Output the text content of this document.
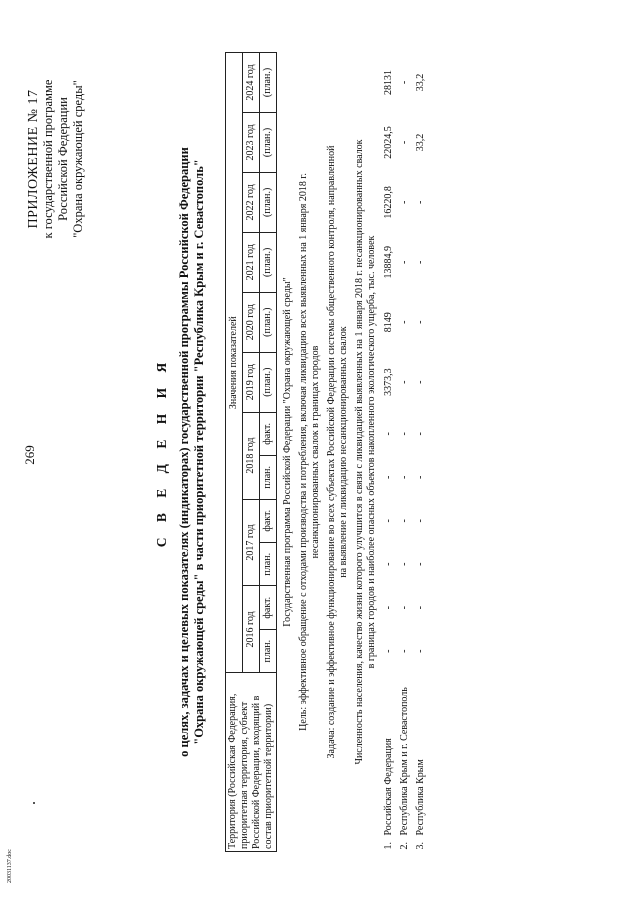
269
20031137.doc
ПРИЛОЖЕНИЕ № 17 к государственной программе Российской Федерации "Охрана окружающей среды"
С В Е Д Е Н И Я о целях, задачах и целевых показателях (индикаторах) государственной программы Российской Федерации "Охрана окружающей среды" в части приоритетной территории "Республика Крым и г. Севастополь"
Территория (Российская Федерация, приоритетная территория, субъект Российской Федерации, входящий в состав приоритетной территории)	Значения показателей											
	2016 год		2017 год		2018 год		2019 год	2020 год	2021 год	2022 год	2023 год	2024 год
	план.	факт.	план.	факт.	план.	факт.	(план.)	(план.)	(план.)	(план.)	(план.)	(план.)
Государственная программа Российской Федерации "Охрана окружающей среды"												

Цель: эффективное обращение с отходами производства и потребления, включая ликвидацию всех выявленных на 1 января 2018 г. несанкционированных свалок в границах городов												

Задача: создание и эффективное функционирование во всех субъектах Российской Федерации системы общественного контроля, направленной на выявление и ликвидацию несанкционированных свалок												

Численность населения, качество жизни которого улучшится в связи с ликвидацией выявленных на 1 января 2018 г. несанкционированных свалок в границах городов и наиболее опасных объектов накопленного экологического ущерба, тыс. человек												

1.Российская Федерация	-	-	-	-	-	-	3373,3	8149	13884,9	16220,8	22024,5	28131
2.Республика Крым и г. Севастополь	-	-	-	-	-	-	-	-	-	-	-	-
3.Республика Крым	-	-	-	-	-	-	-	-	-	-	33,2	33,2
